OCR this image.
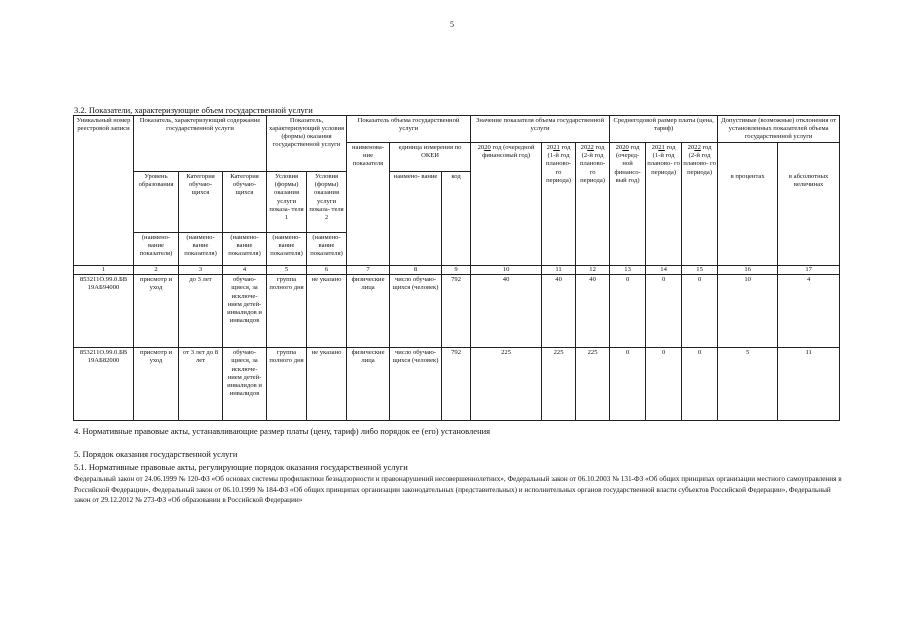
5
3.2. Показатели, характеризующие объем государственной услуги
Уникальный номер реестровой записи	Показатель, характеризующий содержание государственной услуги			Показатель, характеризующий условия (формы) оказания государственной услуги		Показатель объема государственной услуги			Значение показателя объема государственной услуги			Среднегодовой размер платы (цена, тариф)			Допустимые (возможные) отклонения от установленных показателей объема государственной услуги	
						наименова- ние показателя	единица измерения по ОКЕИ		2020 год (очередной финансовый год)	2021 год (1-й год планово- го периода)	2022 год (2-й год планово- го периода)	2020 год (очеред- ной финансо- вый год)	2021 год (1-й год планово- го периода)	2022 год (2-й год планово- го периода)	в процентах	в абсолютных величинах
	Уровень образования	Категория обучаю- щихся	Категория обучаю- щихся	Условия (формы) оказания услуги показа- теля 1	Условия (формы) оказания услуги показа- теля 2		наимено- вание	код								
	(наимено- вание показателя)	(наимено- вание показателя)	(наимено- вание показателя)	(наимено- вание показателя)	(наимено- вание показателя)											
1	2	3	4	5	6	7	8	9	10	11	12	13	14	15	16	17
853211О.99.0.БВ 19АБ94000	присмотр и уход	до 3 лет	обучаю- щиеся, за исключе- нием детей- инвалидов и инвалидов	группа полного дня	не указано	физические лица	число обучаю- щихся (человек)	792	40	40	40	0	0	0	10	4
853211О.99.0.БВ 19АБ82000	присмотр и уход	от 3 лет до 8 лет	обучаю- щиеся, за исключе- нием детей- инвалидов и инвалидов	группа полного дня	не указано	физические лица	число обучаю- щихся (человек)	792	225	225	225	0	0	0	5	11
4. Нормативные правовые акты, устанавливающие размер платы (цену, тариф) либо порядок ее (его) установления
5. Порядок оказания государственной услуги
5.1. Нормативные правовые акты, регулирующие порядок оказания государственной услуги
Федеральный закон от 24.06.1999 № 120-ФЗ «Об основах системы профилактики безнадзорности и правонарушений несовершеннолетних», Федеральный закон от 06.10.2003 № 131-ФЗ «Об общих принципах организации местного самоуправления в Российской Федерации», Федеральный закон от 06.10.1999 № 184-ФЗ «Об общих принципах организации законодательных (представительных) и исполнительных органов государственной власти субъектов Российской Федерации», Федеральный закон от 29.12.2012 № 273-ФЗ «Об образовании в Российской Федерации»
